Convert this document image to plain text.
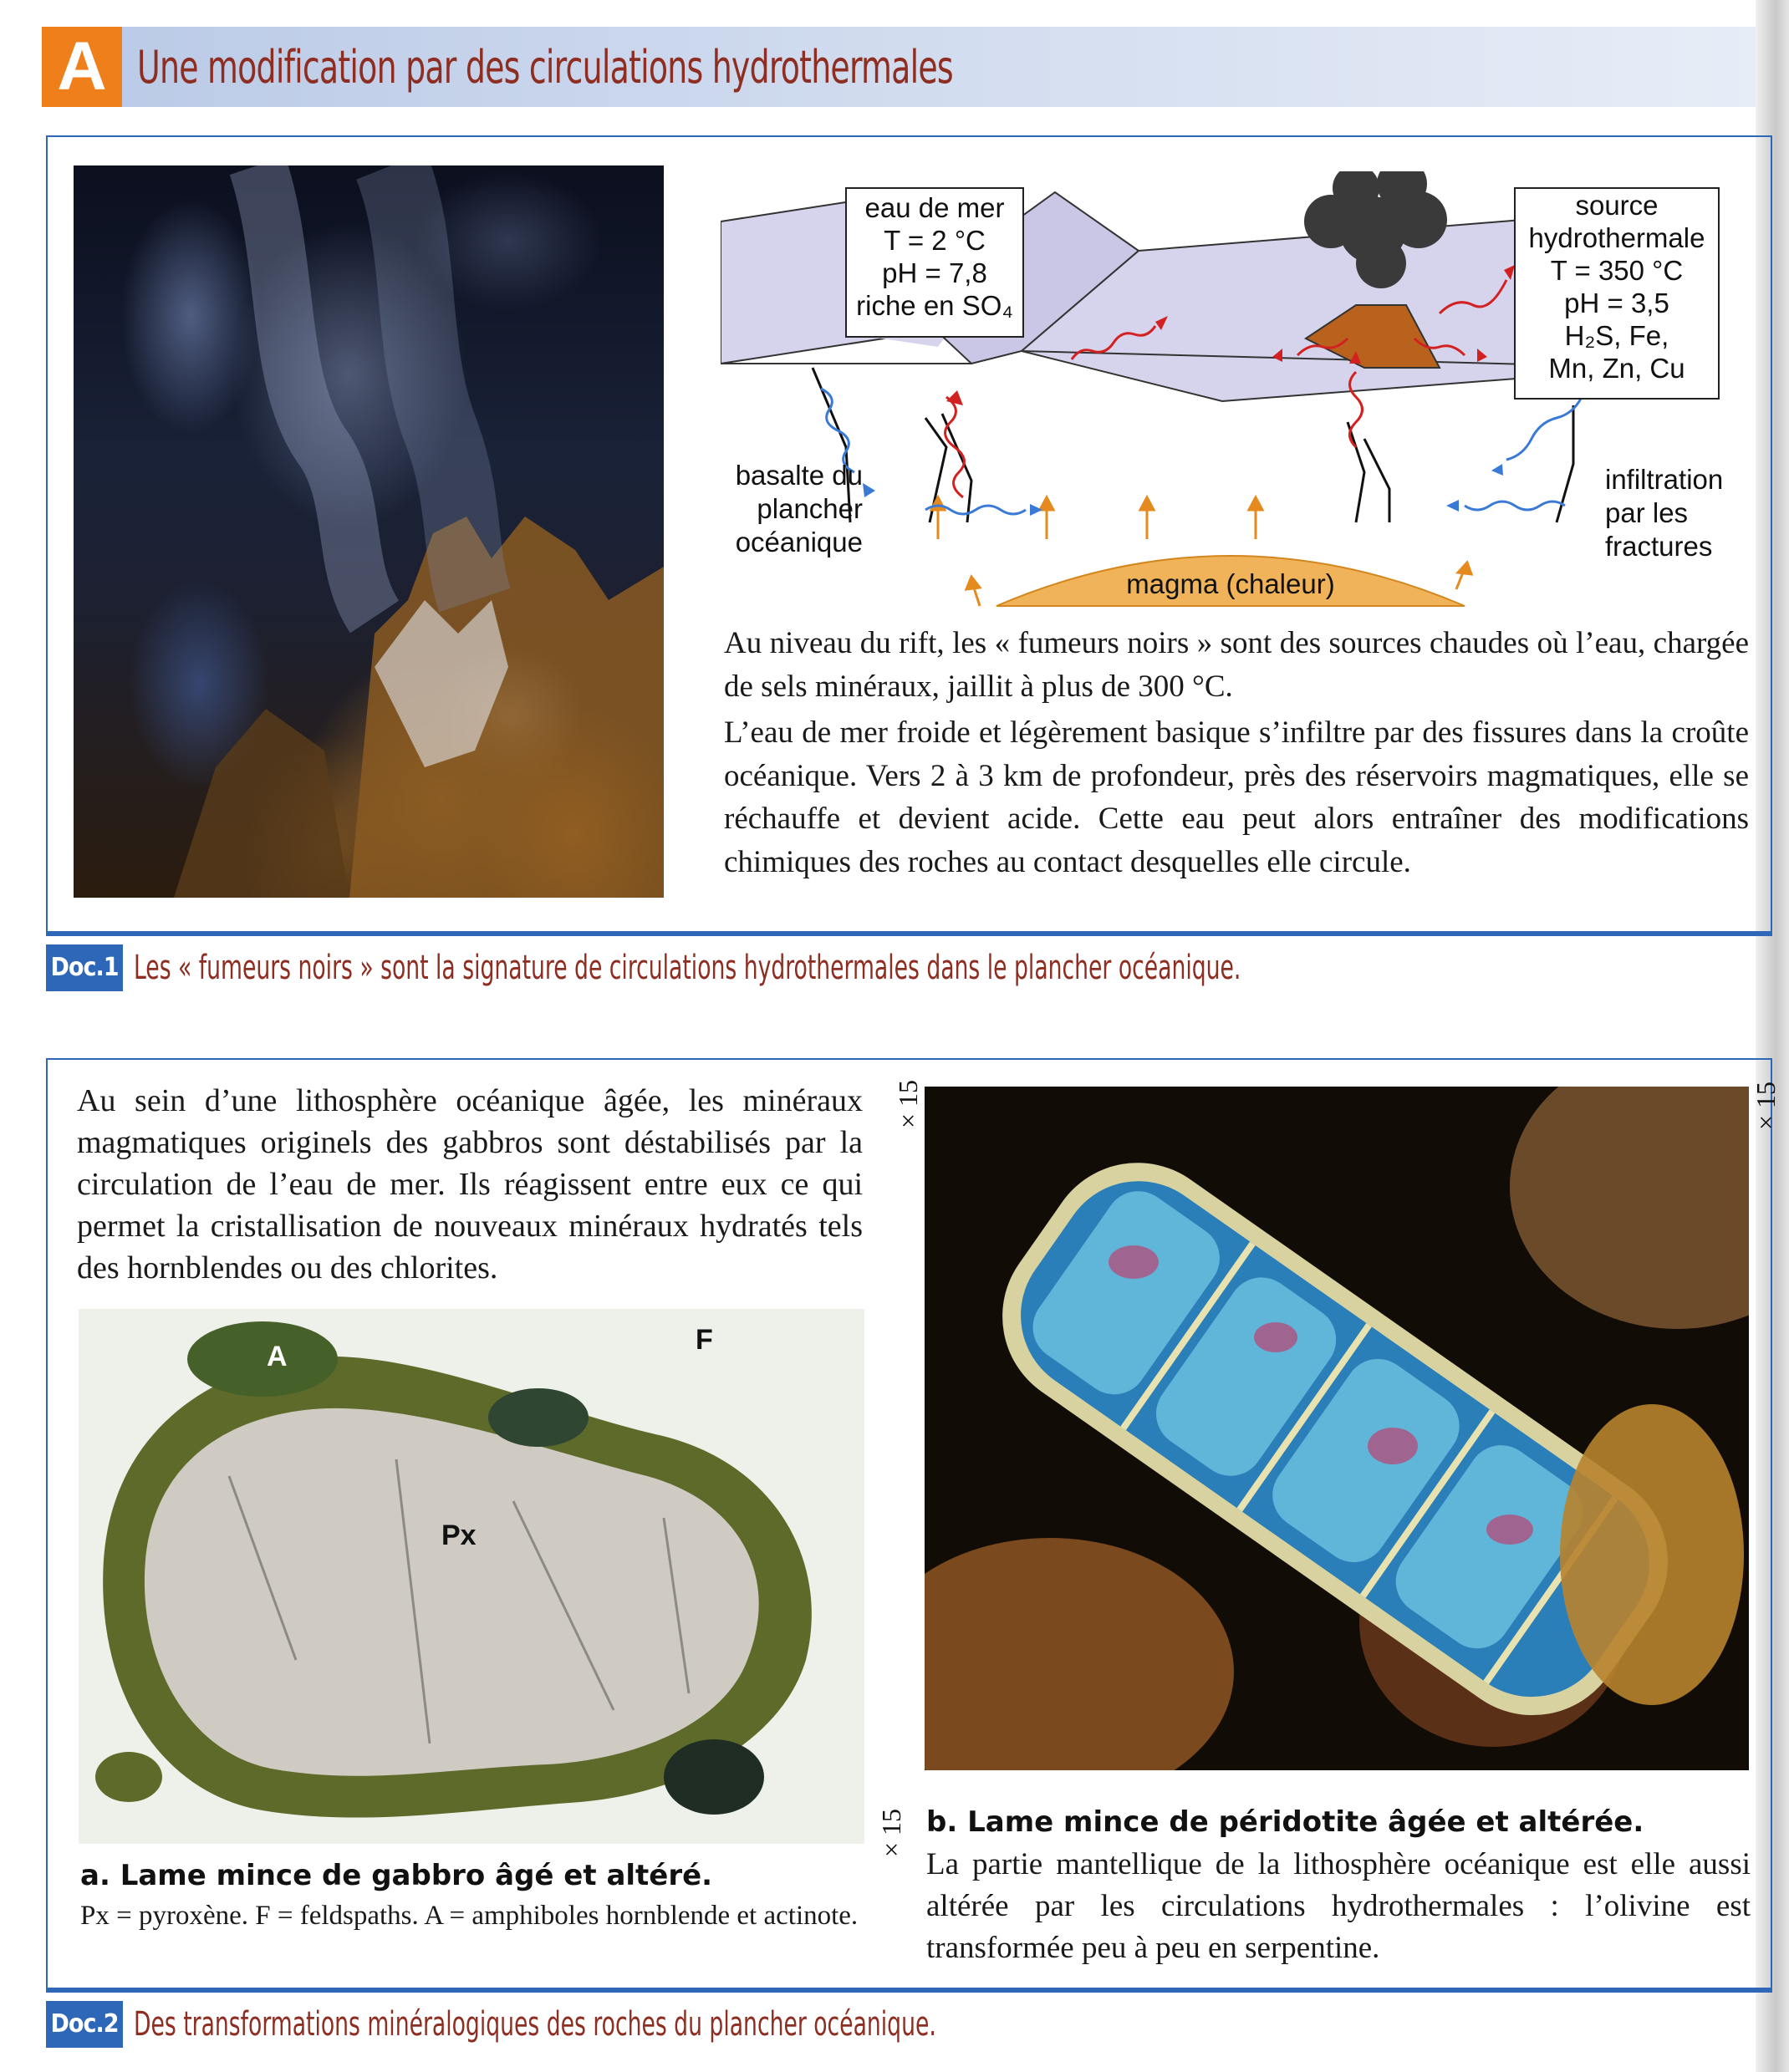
A Une modification par des circulations hydrothermales
eau de mer
T = 2 °C
pH = 7,8
riche en SO₄
source
hydrothermale
T = 350 °C
pH = 3,5
H₂S, Fe,
Mn, Zn, Cu
basalte du
plancher
océanique
infiltration
par les
fractures
magma (chaleur)

Au niveau du rift, les « fumeurs noirs » sont des sources chaudes où l’eau, chargée de sels minéraux, jaillit à plus de 300 °C.

L’eau de mer froide et légèrement basique s’infiltre par des fissures dans la croûte océanique. Vers 2 à 3 km de profondeur, près des réservoirs magmatiques, elle se réchauffe et devient acide. Cette eau peut alors entraîner des modifications chimiques des roches au contact desquelles elle circule.

Doc.1 Les « fumeurs noirs » sont la signature de circulations hydrothermales dans le plancher océanique.
Au sein d’une lithosphère océanique âgée, les minéraux magmatiques originels des gabbros sont déstabilisés par la circulation de l’eau de mer. Ils réagissent entre eux ce qui permet la cristallisation de nouveaux minéraux hydratés tels des hornblendes ou des chlorites.
A
F
Px
× 15
× 15	× 15
a. Lame mince de gabbro âgé et altéré.
Px = pyroxène. F = feldspaths. A = amphiboles hornblende et actinote.
b. Lame mince de péridotite âgée et altérée.
La partie mantellique de la lithosphère océanique est elle aussi altérée par les circulations hydrothermales : l’olivine est transformée peu à peu en serpentine.
Doc.2 Des transformations minéralogiques des roches du plancher océanique.
